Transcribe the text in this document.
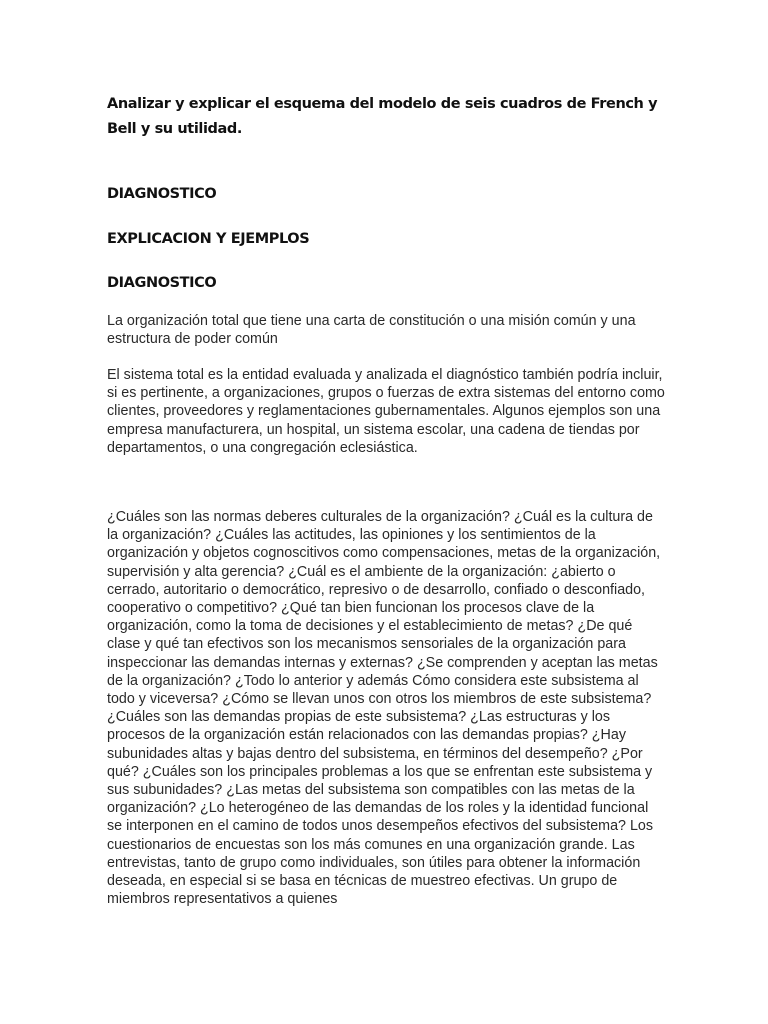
Analizar y explicar el esquema del modelo de seis cuadros de French y Bell y su utilidad.
DIAGNOSTICO
EXPLICACION Y EJEMPLOS
DIAGNOSTICO

La organización total que tiene una carta de constitución o una misión común y una estructura de poder común

El sistema total es la entidad evaluada y analizada el diagnóstico también podría incluir, si es pertinente, a organizaciones, grupos o fuerzas de extra sistemas del entorno como clientes, proveedores y reglamentaciones gubernamentales. Algunos ejemplos son una empresa manufacturera, un hospital, un sistema escolar, una cadena de tiendas por departamentos, o una congregación eclesiástica.

¿Cuáles son las normas deberes culturales de la organización? ¿Cuál es la cultura de la organización? ¿Cuáles las actitudes, las opiniones y los sentimientos de la organización y objetos cognoscitivos como compensaciones, metas de la organización, supervisión y alta gerencia? ¿Cuál es el ambiente de la organización: ¿abierto o cerrado, autoritario o democrático, represivo o de desarrollo, confiado o desconfiado, cooperativo o competitivo? ¿Qué tan bien funcionan los procesos clave de la organización, como la toma de decisiones y el establecimiento de metas? ¿De qué clase y qué tan efectivos son los mecanismos sensoriales de la organización para inspeccionar las demandas internas y externas? ¿Se comprenden y aceptan las metas de la organización? ¿Todo lo anterior y además Cómo considera este subsistema al todo y viceversa? ¿Cómo se llevan unos con otros los miembros de este subsistema? ¿Cuáles son las demandas propias de este subsistema? ¿Las estructuras y los procesos de la organización están relacionados con las demandas propias? ¿Hay subunidades altas y bajas dentro del subsistema, en términos del desempeño? ¿Por qué? ¿Cuáles son los principales problemas a los que se enfrentan este subsistema y sus subunidades? ¿Las metas del subsistema son compatibles con las metas de la organización? ¿Lo heterogéneo de las demandas de los roles y la identidad funcional se interponen en el camino de todos unos desempeños efectivos del subsistema? Los cuestionarios de encuestas son los más comunes en una organización grande. Las entrevistas, tanto de grupo como individuales, son útiles para obtener la información deseada, en especial si se basa en técnicas de muestreo efectivas. Un grupo de miembros representativos a quienes
